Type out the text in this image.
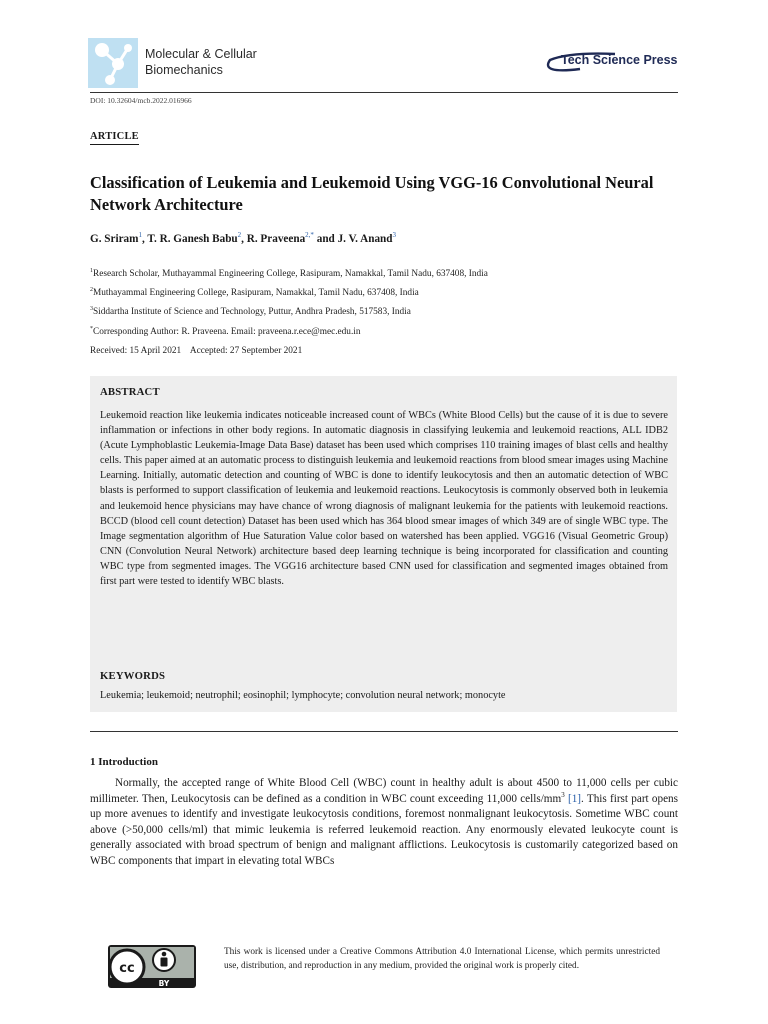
Molecular & Cellular
Biomechanics
Tech Science Press
DOI: 10.32604/mcb.2022.016966
ARTICLE
Classification of Leukemia and Leukemoid Using VGG-16 Convolutional Neural Network Architecture
G. Sriram$^1$, T. R. Ganesh Babu$^2$, R. Praveena$^{2,*}$ and J. V. Anand$^3$
$^1$Research Scholar, Muthayammal Engineering College, Rasipuram, Namakkal, Tamil Nadu, 637408, India
$^2$Muthayammal Engineering College, Rasipuram, Namakkal, Tamil Nadu, 637408, India
$^3$Siddartha Institute of Science and Technology, Puttur, Andhra Pradesh, 517583, India
*Corresponding Author: R. Praveena. Email: praveena.r.ece@mec.edu.in
Received: 15 April 2021    Accepted: 27 September 2021
ABSTRACT
Leukemoid reaction like leukemia indicates noticeable increased count of WBCs (White Blood Cells) but the cause of it is due to severe inflammation or infections in other body regions. In automatic diagnosis in classifying leukemia and leukemoid reactions, ALL IDB2 (Acute Lymphoblastic Leukemia-Image Data Base) dataset has been used which comprises 110 training images of blast cells and healthy cells. This paper aimed at an automatic process to distinguish leukemia and leukemoid reactions from blood smear images using Machine Learning. Initially, automatic detection and counting of WBC is done to identify leukocytosis and then an automatic detection of WBC blasts is performed to support classification of leukemia and leukemoid reactions. Leukocytosis is commonly observed both in leukemia and leukemoid hence physicians may have chance of wrong diagnosis of malignant leukemia for the patients with leukemoid reactions. BCCD (blood cell count detection) Dataset has been used which has 364 blood smear images of which 349 are of single WBC type. The Image segmentation algorithm of Hue Saturation Value color based on watershed has been applied. VGG16 (Visual Geometric Group) CNN (Convolution Neural Network) architecture based deep learning technique is being incorporated for classification and counting WBC type from segmented images. The VGG16 architecture based CNN used for classification and segmented images obtained from first part were tested to identify WBC blasts.
KEYWORDS
Leukemia; leukemoid; neutrophil; eosinophil; lymphocyte; convolution neural network; monocyte
1 Introduction
Normally, the accepted range of White Blood Cell (WBC) count in healthy adult is about 4500 to 11,000 cells per cubic millimeter. Then, Leukocytosis can be defined as a condition in WBC count exceeding 11,000 cells/$mm^3$ [1]. This first part opens up more avenues to identify and investigate leukocytosis conditions, foremost nonmalignant leukocytosis. Sometime WBC count above (>50,000 cells/ml) that mimic leukemia is referred leukemoid reaction. Any enormously elevated leukocyte count is generally associated with broad spectrum of benign and malignant afflictions. Leukocytosis is customarily categorized based on WBC components that impart in elevating total WBCs
cc
BY
This work is licensed under a Creative Commons Attribution 4.0 International License, which permits unrestricted use, distribution, and reproduction in any medium, provided the original work is properly cited.
